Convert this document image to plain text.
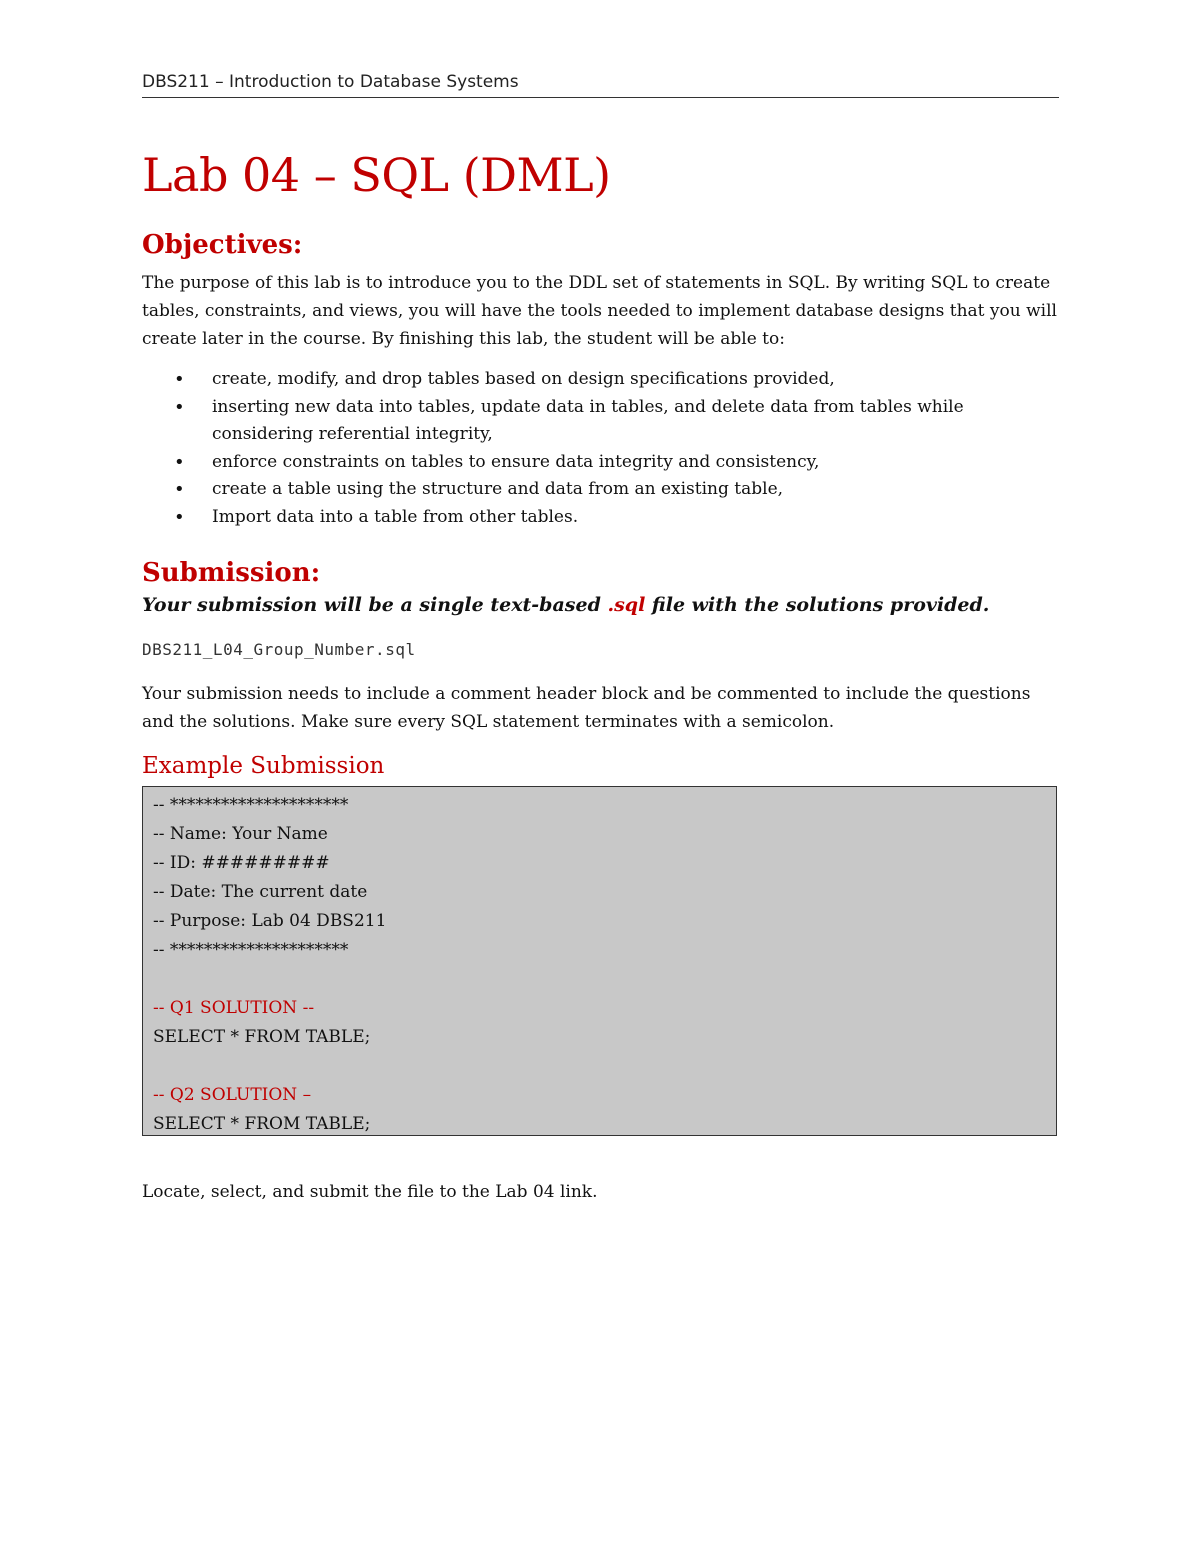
DBS211 – Introduction to Database Systems
Lab 04 – SQL (DML)
Objectives:

The purpose of this lab is to introduce you to the DDL set of statements in SQL. By writing SQL to create tables, constraints, and views, you will have the tools needed to implement database designs that you will create later in the course. By finishing this lab, the student will be able to:

• create, modify, and drop tables based on design specifications provided,
• inserting new data into tables, update data in tables, and delete data from tables while considering referential integrity,
• enforce constraints on tables to ensure data integrity and consistency,
• create a table using the structure and data from an existing table,
• Import data into a table from other tables.
Submission:

Your submission will be a single text-based .sql file with the solutions provided.

DBS211_L04_Group_Number.sql

Your submission needs to include a comment header block and be commented to include the questions and the solutions. Make sure every SQL statement terminates with a semicolon.

Example Submission
-- *********************
-- Name: Your Name
-- ID: #########
-- Date: The current date
-- Purpose: Lab 04 DBS211
-- *********************
-- Q1 SOLUTION --
SELECT * FROM TABLE;
-- Q2 SOLUTION –
SELECT * FROM TABLE;

Locate, select, and submit the file to the Lab 04 link.
